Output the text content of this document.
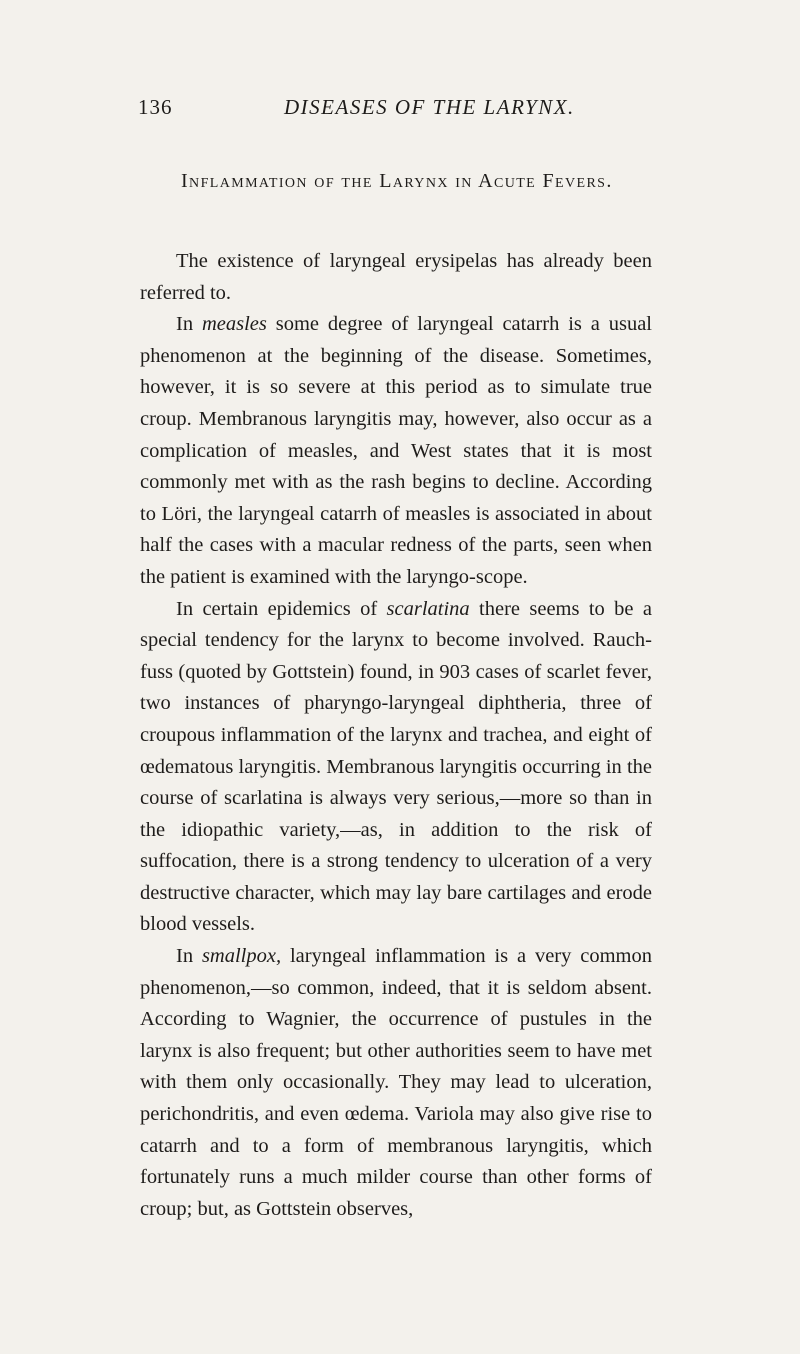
136	DISEASES OF THE LARYNX.
Inflammation of the Larynx in Acute Fevers.

The existence of laryngeal erysipelas has already been referred to.

In measles some degree of laryngeal catarrh is a usual phenomenon at the beginning of the disease. Sometimes, however, it is so severe at this period as to simulate true croup. Membranous laryngitis may, however, also occur as a complication of measles, and West states that it is most commonly met with as the rash begins to decline. According to Löri, the laryngeal catarrh of measles is associated in about half the cases with a macular redness of the parts, seen when the patient is examined with the laryngo-scope.

In certain epidemics of scarlatina there seems to be a special tendency for the larynx to become involved. Rauch-fuss (quoted by Gottstein) found, in 903 cases of scarlet fever, two instances of pharyngo-laryngeal diphtheria, three of croupous inflammation of the larynx and trachea, and eight of œdematous laryngitis. Membranous laryngitis occurring in the course of scarlatina is always very serious,—more so than in the idiopathic variety,—as, in addition to the risk of suffocation, there is a strong tendency to ulceration of a very destructive character, which may lay bare cartilages and erode blood vessels.

In smallpox, laryngeal inflammation is a very common phenomenon,—so common, indeed, that it is seldom absent. According to Wagnier, the occurrence of pustules in the larynx is also frequent; but other authorities seem to have met with them only occasionally. They may lead to ulceration, perichondritis, and even œdema. Variola may also give rise to catarrh and to a form of membranous laryngitis, which fortunately runs a much milder course than other forms of croup; but, as Gottstein observes,
